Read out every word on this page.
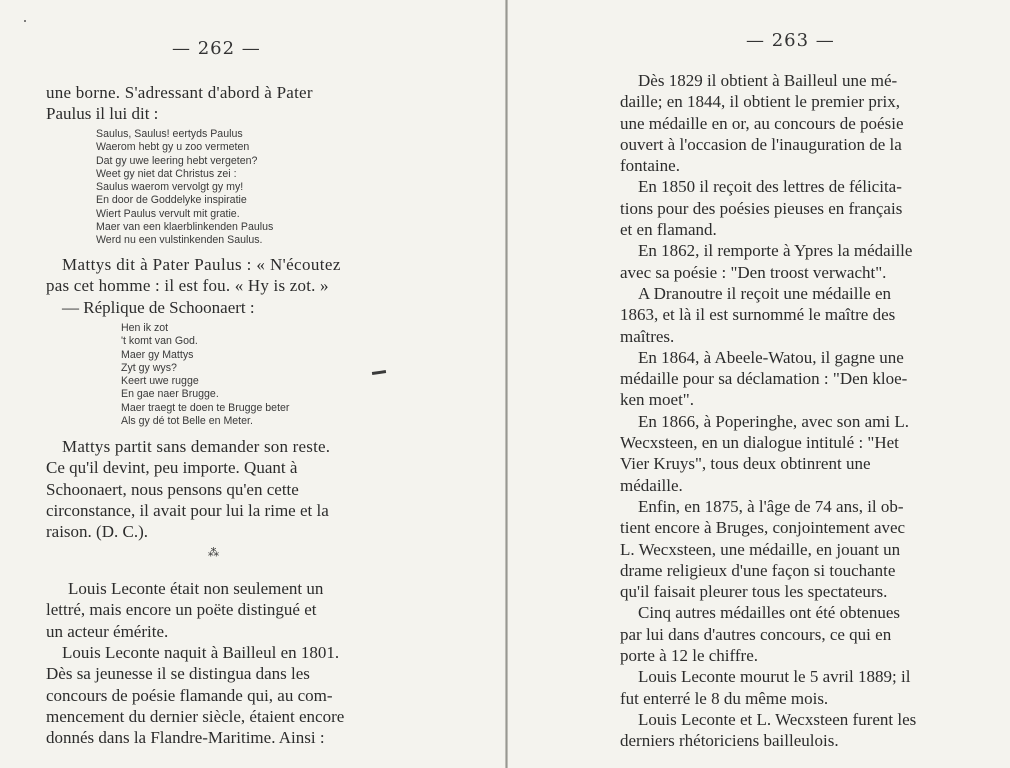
— 262 —
une borne. S'adressant d'abord à Pater
Paulus il lui dit :
Saulus, Saulus! eertyds Paulus
Waerom hebt gy u zoo vermeten
Dat gy uwe leering hebt vergeten?
Weet gy niet dat Christus zei :
Saulus waerom vervolgt gy my!
En door de Goddelyke inspiratie
Wiert Paulus vervult mit gratie.
Maer van een klaerblinkenden Paulus
Werd nu een vulstinkenden Saulus.
Mattys dit à Pater Paulus : « N'écoutez
pas cet homme : il est fou. « Hy is zot. »
— Réplique de Schoonaert :
Hen ik zot
't komt van God.
Maer gy Mattys
Zyt gy wys?
Keert uwe rugge
En gae naer Brugge.
Maer traegt te doen te Brugge beter
Als gy dé tot Belle en Meter.
Mattys partit sans demander son reste.
Ce qu'il devint, peu importe. Quant à
Schoonaert, nous pensons qu'en cette
circonstance, il avait pour lui la rime et la
raison. (D. C.).
⁂
Louis Leconte était non seulement un
lettré, mais encore un poëte distingué et
un acteur émérite.
Louis Leconte naquit à Bailleul en 1801.
Dès sa jeunesse il se distingua dans les
concours de poésie flamande qui, au com-
mencement du dernier siècle, étaient encore
donnés dans la Flandre-Maritime. Ainsi :
— 263 —
Dès 1829 il obtient à Bailleul une mé-
daille; en 1844, il obtient le premier prix,
une médaille en or, au concours de poésie
ouvert à l'occasion de l'inauguration de la
fontaine.
En 1850 il reçoit des lettres de félicita-
tions pour des poésies pieuses en français
et en flamand.
En 1862, il remporte à Ypres la médaille
avec sa poésie : "Den troost verwacht".
A Dranoutre il reçoit une médaille en
1863, et là il est surnommé le maître des
maîtres.
En 1864, à Abeele-Watou, il gagne une
médaille pour sa déclamation : "Den kloe-
ken moet".
En 1866, à Poperinghe, avec son ami L.
Wecxsteen, en un dialogue intitulé : "Het
Vier Kruys", tous deux obtinrent une
médaille.
Enfin, en 1875, à l'âge de 74 ans, il ob-
tient encore à Bruges, conjointement avec
L. Wecxsteen, une médaille, en jouant un
drame religieux d'une façon si touchante
qu'il faisait pleurer tous les spectateurs.
Cinq autres médailles ont été obtenues
par lui dans d'autres concours, ce qui en
porte à 12 le chiffre.
Louis Leconte mourut le 5 avril 1889; il
fut enterré le 8 du même mois.
Louis Leconte et L. Wecxsteen furent les
derniers rhétoriciens bailleulois.
